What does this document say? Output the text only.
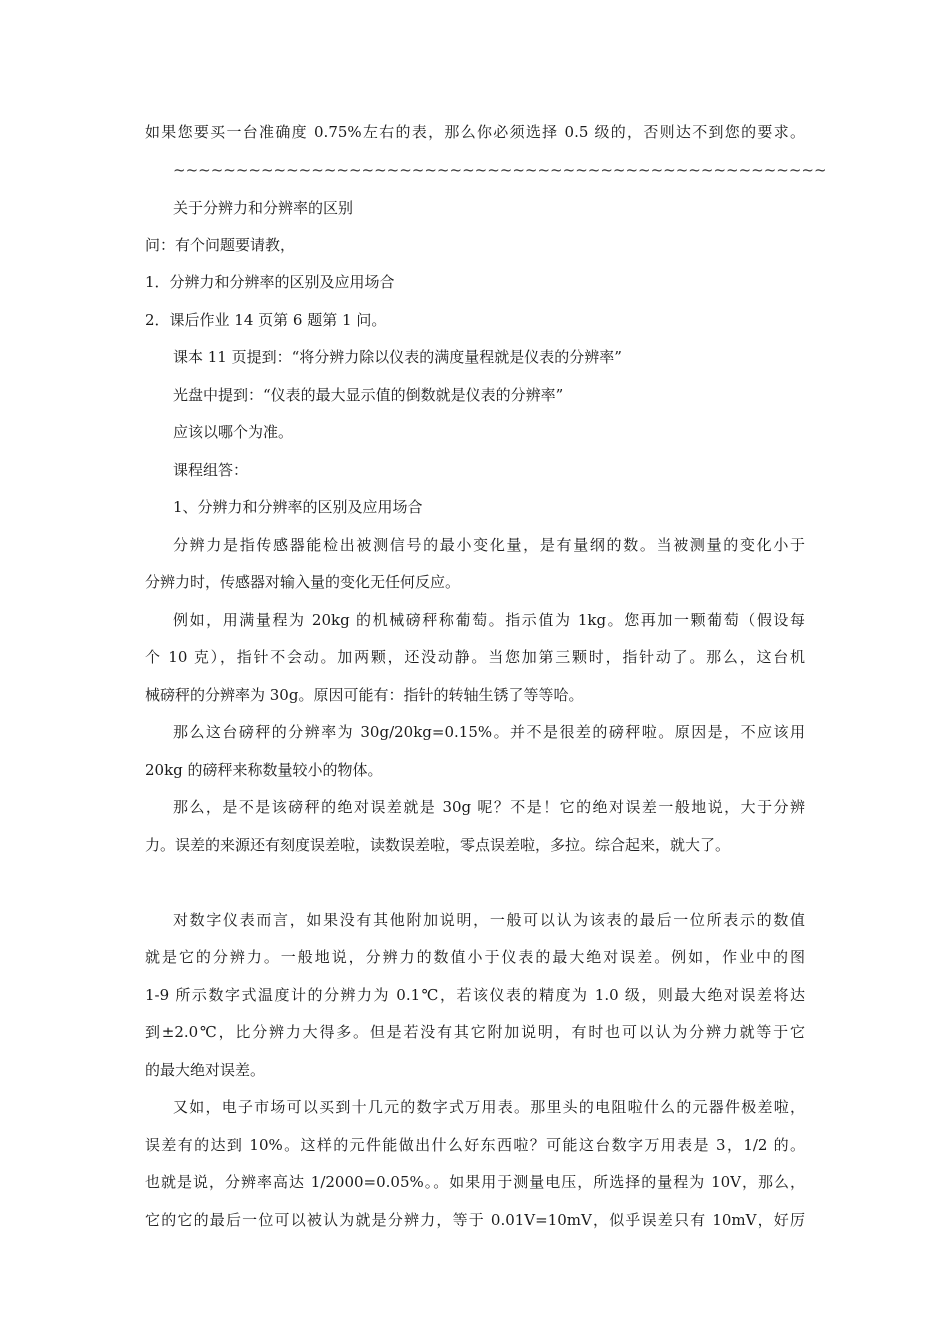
如果您要买一台准确度 0.75%左右的表，那么你必须选择 0.5 级的，否则达不到您的要求。
~~~~~~~~~~~~~~~~~~~~~~~~~~~~~~~~~~~~~~~~~~~~~~~~~~~~
关于分辨力和分辨率的区别
问：有个问题要请教，
1．分辨力和分辨率的区别及应用场合
2．课后作业 14 页第 6 题第 1 问。
课本 11 页提到：“将分辨力除以仪表的满度量程就是仪表的分辨率”
光盘中提到：“仪表的最大显示值的倒数就是仪表的分辨率”
应该以哪个为准。
课程组答：
1、分辨力和分辨率的区别及应用场合
分辨力是指传感器能检出被测信号的最小变化量，是有量纲的数。当被测量的变化小于
分辨力时，传感器对输入量的变化无任何反应。
例如，用满量程为 20kg 的机械磅秤称葡萄。指示值为 1kg。您再加一颗葡萄（假设每
个 10 克），指针不会动。加两颗，还没动静。当您加第三颗时，指针动了。那么，这台机
械磅秤的分辨率为 30g。原因可能有：指针的转轴生锈了等等哈。
那么这台磅秤的分辨率为 30g/20kg=0.15%。并不是很差的磅秤啦。原因是，不应该用
20kg 的磅秤来称数量较小的物体。
那么，是不是该磅秤的绝对误差就是 30g 呢？不是！它的绝对误差一般地说，大于分辨
力。误差的来源还有刻度误差啦，读数误差啦，零点误差啦，多拉。综合起来，就大了。
对数字仪表而言，如果没有其他附加说明，一般可以认为该表的最后一位所表示的数值
就是它的分辨力。一般地说，分辨力的数值小于仪表的最大绝对误差。例如，作业中的图
1-9 所示数字式温度计的分辨力为 0.1℃，若该仪表的精度为 1.0 级，则最大绝对误差将达
到±2.0℃，比分辨力大得多。但是若没有其它附加说明，有时也可以认为分辨力就等于它
的最大绝对误差。
又如，电子市场可以买到十几元的数字式万用表。那里头的电阻啦什么的元器件极差啦，
误差有的达到 10%。这样的元件能做出什么好东西啦？可能这台数字万用表是 3，1/2 的。
也就是说，分辨率高达 1/2000=0.05%。。如果用于测量电压，所选择的量程为 10V，那么，
它的它的最后一位可以被认为就是分辨力，等于 0.01V=10mV，似乎误差只有 10mV，好厉
